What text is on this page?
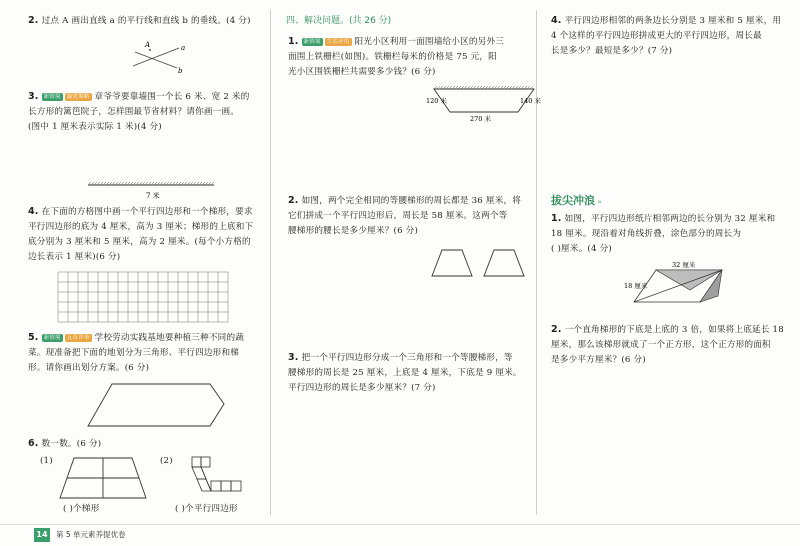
2. 过点 A 画出直线 a 的平行线和直线 b 的垂线。(4 分)
A	a
b
3. 新情境 最优策略 章爷爷要靠墙围一个长 6 米、宽 2 米的
长方形的篱笆院子，怎样围最节省材料？请你画一画。
(图中 1 厘米表示实际 1 米)(4 分)
7 米
4. 在下面的方格图中画一个平行四边形和一个梯形，要求
平行四边形的底为 4 厘米，高为 3 厘米；梯形的上底和下
底分别为 3 厘米和 5 厘米，高为 2 厘米。(每个小方格的
边长表示 1 厘米)(6 分)
5. 新情境 五育并举 学校劳动实践基地要种植三种不同的蔬
菜。现准备把下面的地划分为三角形、平行四边形和梯
形。请你画出划分方案。(6 分)
6. 数一数。(6 分)
(1)	(2)
( )个梯形	( )个平行四边形
四、解决问题。(共 26 分)
1. 新情境 生活应用 阳光小区利用一面围墙给小区的另外三
面围上铁栅栏(如图)。铁栅栏每米的价格是 75 元，阳
光小区围铁栅栏共需要多少钱？(6 分)
120 米	140 米
270 米
2. 如图，两个完全相同的等腰梯形的周长都是 36 厘米，将
它们拼成一个平行四边形后，周长是 58 厘米。这两个等
腰梯形的腰长是多少厘米？(6 分)
3. 把一个平行四边形分成一个三角形和一个等腰梯形，等
腰梯形的周长是 25 厘米，上底是 4 厘米，下底是 9 厘米。
平行四边形的周长是多少厘米？(7 分)
4. 平行四边形相邻的两条边长分别是 3 厘米和 5 厘米，用
4 个这样的平行四边形拼成更大的平行四边形，周长最
长是多少？最短是多少？(7 分)
拔尖冲浪 »
1. 如图，平行四边形纸片相邻两边的长分别为 32 厘米和
18 厘米。现沿着对角线折叠，涂色部分的周长为
( )厘米。(4 分)
32 厘米
18 厘米
2. 一个直角梯形的下底是上底的 3 倍，如果将上底延长 18
厘米，那么该梯形就成了一个正方形，这个正方形的面积
是多少平方厘米？(6 分)
14	第 5 单元素养提优卷
